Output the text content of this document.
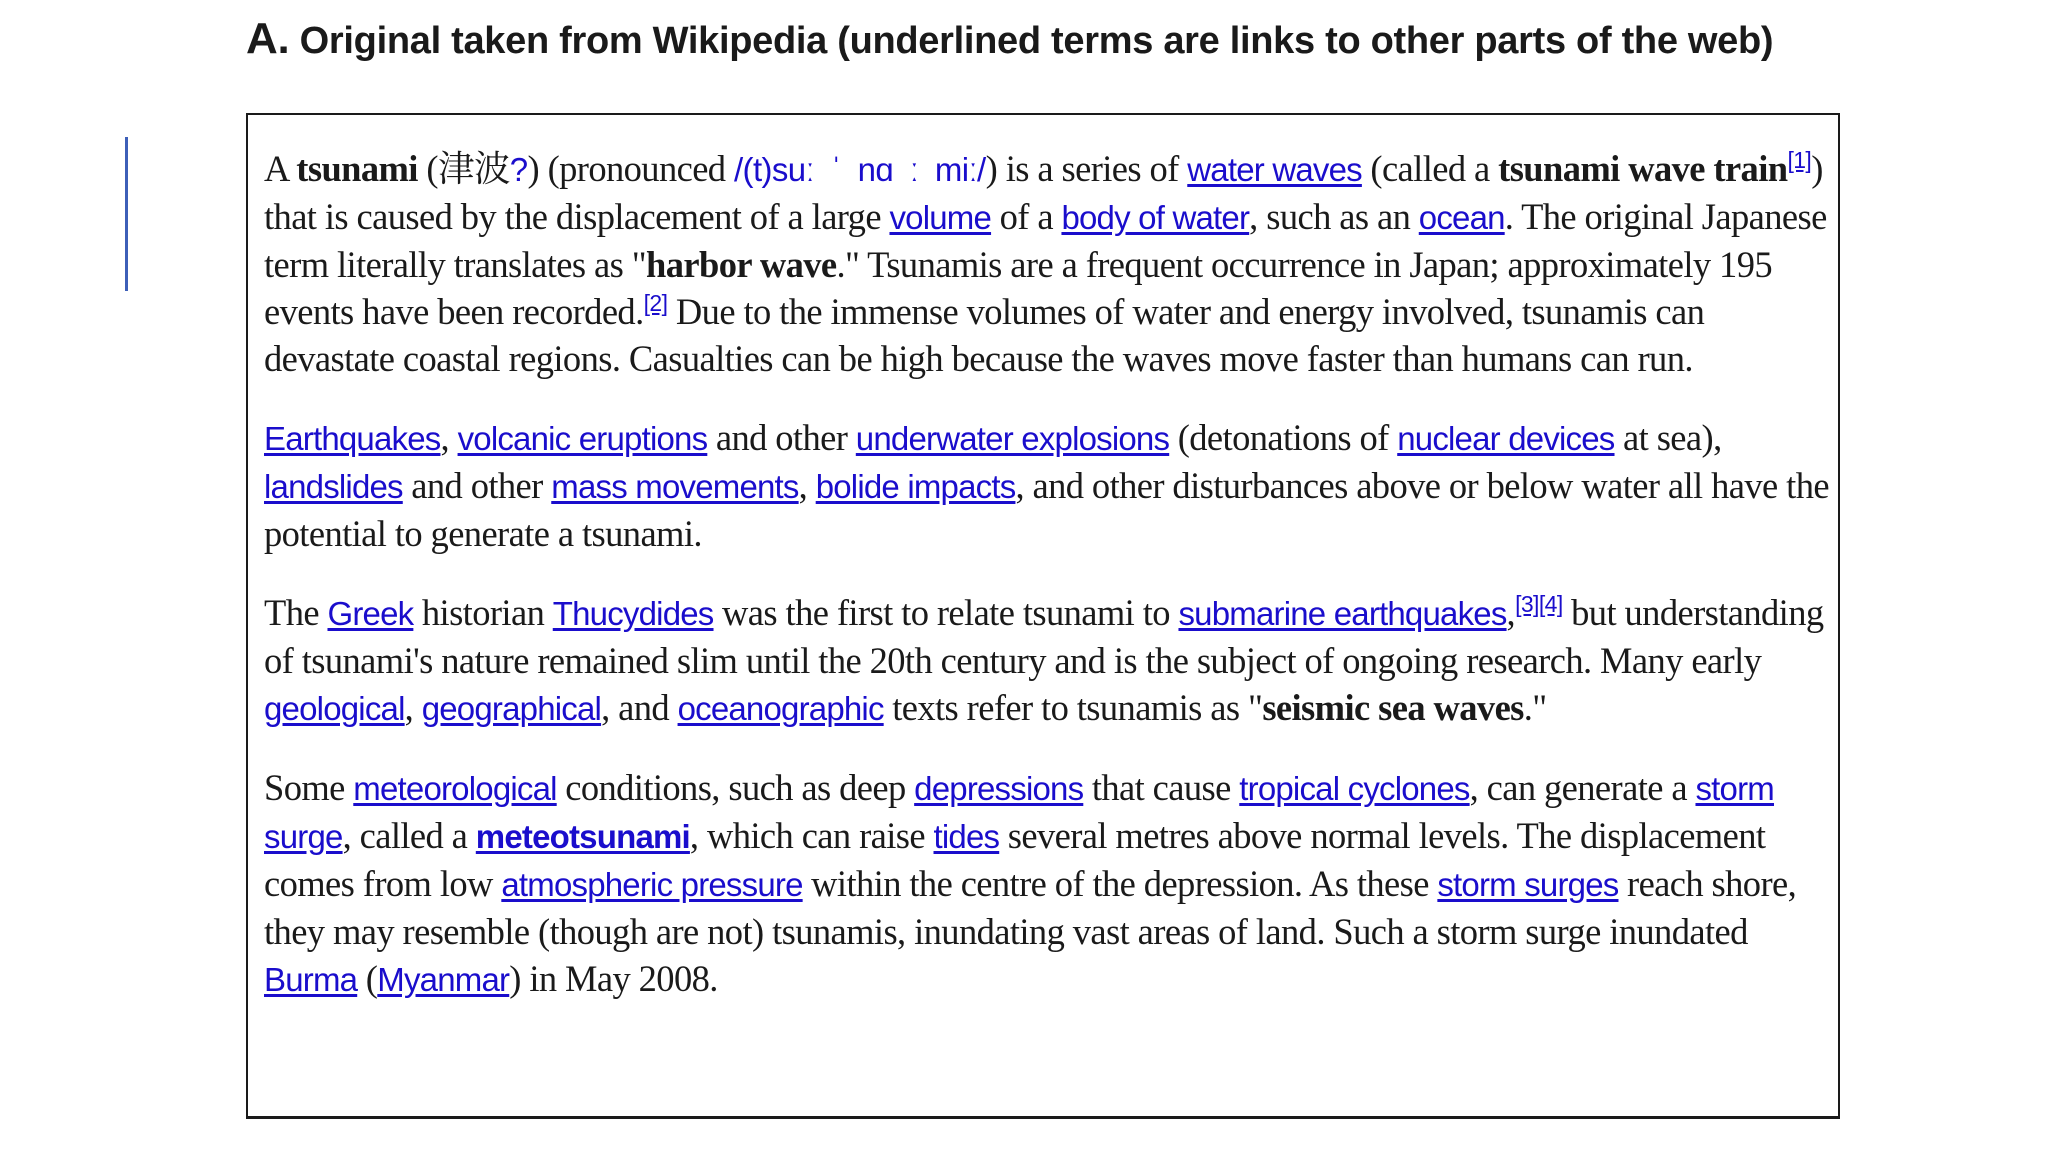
A. Original taken from Wikipedia (underlined terms are links to other parts of the web)

A tsunami (津波?) (pronounced /(t)suː ˈ nɑ ː miː/) is a series of water waves (called a tsunami wave train[1]) that is caused by the displacement of a large volume of a body of water, such as an ocean. The original Japanese term literally translates as "harbor wave." Tsunamis are a frequent occurrence in Japan; approximately 195 events have been recorded.[2] Due to the immense volumes of water and energy involved, tsunamis can devastate coastal regions. Casualties can be high because the waves move faster than humans can run.

Earthquakes, volcanic eruptions and other underwater explosions (detonations of nuclear devices at sea), landslides and other mass movements, bolide impacts, and other disturbances above or below water all have the potential to generate a tsunami.

The Greek historian Thucydides was the first to relate tsunami to submarine earthquakes,[3][4] but understanding of tsunami's nature remained slim until the 20th century and is the subject of ongoing research. Many early geological, geographical, and oceanographic texts refer to tsunamis as "seismic sea waves."

Some meteorological conditions, such as deep depressions that cause tropical cyclones, can generate a storm surge, called a meteotsunami, which can raise tides several metres above normal levels. The displacement comes from low atmospheric pressure within the centre of the depression. As these storm surges reach shore, they may resemble (though are not) tsunamis, inundating vast areas of land. Such a storm surge inundated Burma (Myanmar) in May 2008.
